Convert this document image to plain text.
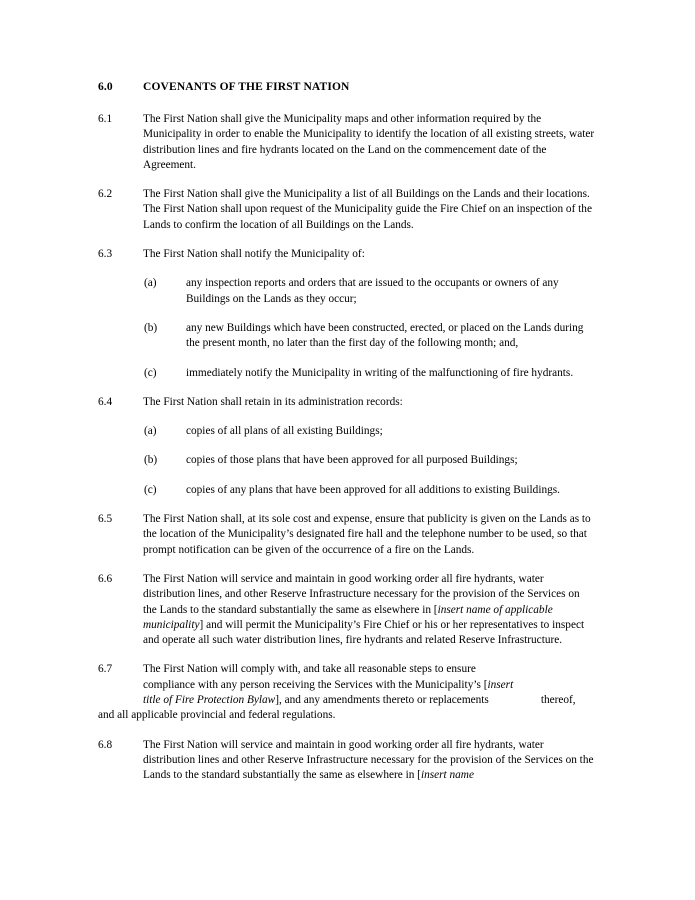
6.0	COVENANTS OF THE FIRST NATION
6.1	The First Nation shall give the Municipality maps and other information required by the Municipality in order to enable the Municipality to identify the location of all existing streets, water distribution lines and fire hydrants located on the Land on the commencement date of the Agreement.
6.2	The First Nation shall give the Municipality a list of all Buildings on the Lands and their locations. The First Nation shall upon request of the Municipality guide the Fire Chief on an inspection of the Lands to confirm the location of all Buildings on the Lands.
6.3	The First Nation shall notify the Municipality of:
(a)	any inspection reports and orders that are issued to the occupants or owners of any Buildings on the Lands as they occur;
(b)	any new Buildings which have been constructed, erected, or placed on the Lands during the present month, no later than the first day of the following month; and,
(c)	immediately notify the Municipality in writing of the malfunctioning of fire hydrants.
6.4	The First Nation shall retain in its administration records:
(a)	copies of all plans of all existing Buildings;
(b)	copies of those plans that have been approved for all purposed Buildings;
(c)	copies of any plans that have been approved for all additions to existing Buildings.
6.5	The First Nation shall, at its sole cost and expense, ensure that publicity is given on the Lands as to the location of the Municipality’s designated fire hall and the telephone number to be used, so that prompt notification can be given of the occurrence of a fire on the Lands.
6.6	The First Nation will service and maintain in good working order all fire hydrants, water distribution lines, and other Reserve Infrastructure necessary for the provision of the Services on the Lands to the standard substantially the same as elsewhere in [insert name of applicable municipality] and will permit the Municipality’s Fire Chief or his or her representatives to inspect and operate all such water distribution lines, fire hydrants and related Reserve Infrastructure.
6.7	The First Nation will comply with, and take all reasonable steps to ensure
compliance with any person receiving the Services with the Municipality’s [insert
title of Fire Protection Bylaw], and any amendments thereto or replacements	thereof,
and all applicable provincial and federal regulations.
6.8	The First Nation will service and maintain in good working order all fire hydrants, water distribution lines and other Reserve Infrastructure necessary for the provision of the Services on the Lands to the standard substantially the same as elsewhere in [insert name
